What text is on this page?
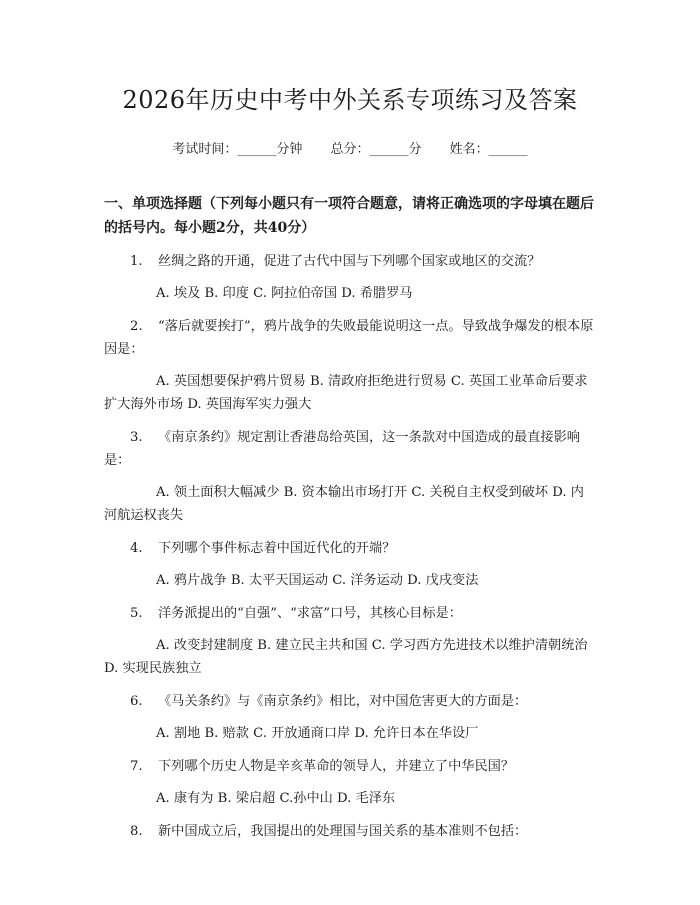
2026年历史中考中外关系专项练习及答案
考试时间：______分钟 总分：______分 姓名：______
一、单项选择题（下列每小题只有一项符合题意，请将正确选项的字母填在题后的括号内。每小题2分，共40分）
1. 丝绸之路的开通，促进了古代中国与下列哪个国家或地区的交流？
A. 埃及 B. 印度 C. 阿拉伯帝国 D. 希腊罗马
2. “落后就要挨打”，鸦片战争的失败最能说明这一点。导致战争爆发的根本原因是：
A. 英国想要保护鸦片贸易 B. 清政府拒绝进行贸易 C. 英国工业革命后要求扩大海外市场 D. 英国海军实力强大
3. 《南京条约》规定割让香港岛给英国，这一条款对中国造成的最直接影响是：
A. 领土面积大幅减少 B. 资本输出市场打开 C. 关税自主权受到破坏 D. 内河航运权丧失
4. 下列哪个事件标志着中国近代化的开端？
A. 鸦片战争 B. 太平天国运动 C. 洋务运动 D. 戊戌变法
5. 洋务派提出的“自强”、“求富”口号，其核心目标是：
A. 改变封建制度 B. 建立民主共和国 C. 学习西方先进技术以维护清朝统治 D. 实现民族独立
6. 《马关条约》与《南京条约》相比，对中国危害更大的方面是：
A. 割地 B. 赔款 C. 开放通商口岸 D. 允许日本在华设厂
7. 下列哪个历史人物是辛亥革命的领导人，并建立了中华民国？
A. 康有为 B. 梁启超 C.孙中山 D. 毛泽东
8. 新中国成立后，我国提出的处理国与国关系的基本准则不包括：
